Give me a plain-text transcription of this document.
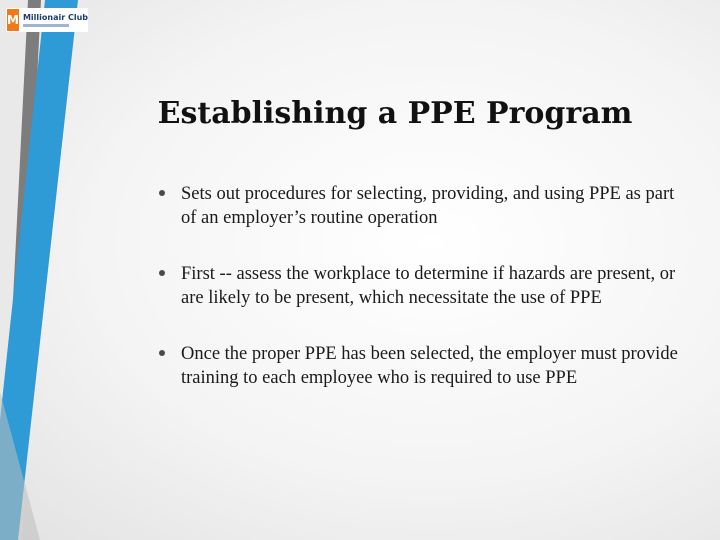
M Millionair Club
Establishing a PPE Program
Sets out procedures for selecting, providing, and using PPE as part of an employer’s routine operation
First -- assess the workplace to determine if hazards are present, or are likely to be present, which necessitate the use of PPE
Once the proper PPE has been selected, the employer must provide training to each employee who is required to use PPE
